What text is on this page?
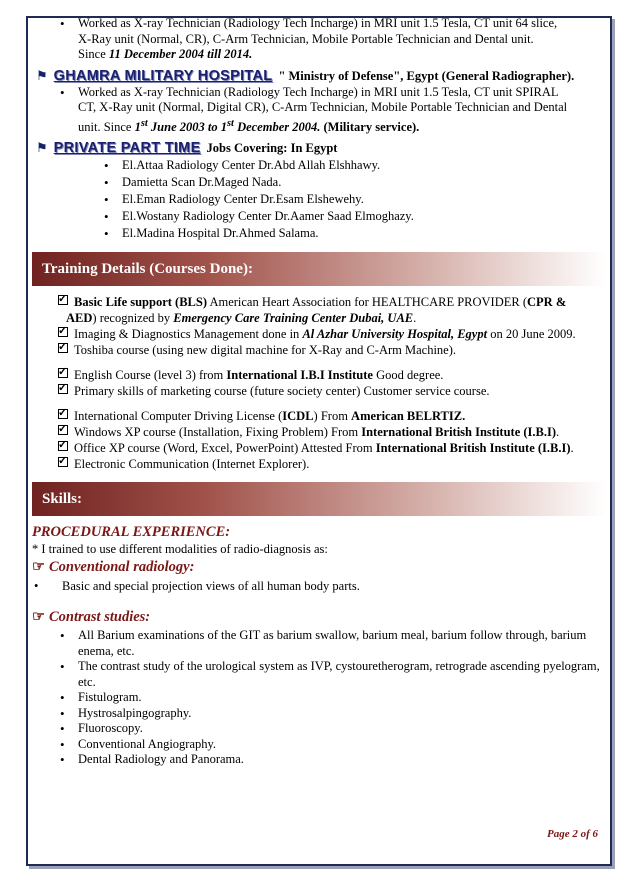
• Worked as X-ray Technician (Radiology Tech Incharge) in MRI unit 1.5 Tesla, CT unit 64 slice,
X-Ray unit (Normal, CR), C-Arm Technician, Mobile Portable Technician and Dental unit.
Since 11 December 2004 till 2014.
⚑ GHAMRA MILITARY HOSPITAL " Ministry of Defense", Egypt (General Radiographer).
• Worked as X-ray Technician (Radiology Tech Incharge) in MRI unit 1.5 Tesla, CT unit SPIRAL
CT, X-Ray unit (Normal, Digital CR), C-Arm Technician, Mobile Portable Technician and Dental
unit. Since 1st June 2003 to 1st December 2004. (Military service).
⚑ PRIVATE PART TIME Jobs Covering: In Egypt
• El.Attaa Radiology Center Dr.Abd Allah Elshhawy.
• Damietta Scan Dr.Maged Nada.
• El.Eman Radiology Center Dr.Esam Elshewehy.
• El.Wostany Radiology Center Dr.Aamer Saad Elmoghazy.
• El.Madina Hospital Dr.Ahmed Salama.
Training Details (Courses Done):
✓
Basic Life support (BLS) American Heart Association for HEALTHCARE PROVIDER (CPR &
AED) recognized by Emergency Care Training Center Dubai, UAE.
✓
Imaging & Diagnostics Management done in Al Azhar University Hospital, Egypt on 20 June 2009.
✓
Toshiba course (using new digital machine for X-Ray and C-Arm Machine).
✓
English Course (level 3) from International I.B.I Institute Good degree.
✓
Primary skills of marketing course (future society center) Customer service course.
✓
International Computer Driving License (ICDL) From American BELRTIZ.
✓
Windows XP course (Installation, Fixing Problem) From International British Institute (I.B.I).
✓
Office XP course (Word, Excel, PowerPoint) Attested From International British Institute (I.B.I).
✓
Electronic Communication (Internet Explorer).
Skills:
PROCEDURAL EXPERIENCE:
* I trained to use different modalities of radio-diagnosis as:
☞ Conventional radiology:
• Basic and special projection views of all human body parts.
☞ Contrast studies:
• All Barium examinations of the GIT as barium swallow, barium meal, barium follow through, barium enema, etc.
• The contrast study of the urological system as IVP, cystouretherogram, retrograde ascending pyelogram, etc.
• Fistulogram.
• Hystrosalpingography.
• Fluoroscopy.
• Conventional Angiography.
• Dental Radiology and Panorama.
Page 2 of 6
